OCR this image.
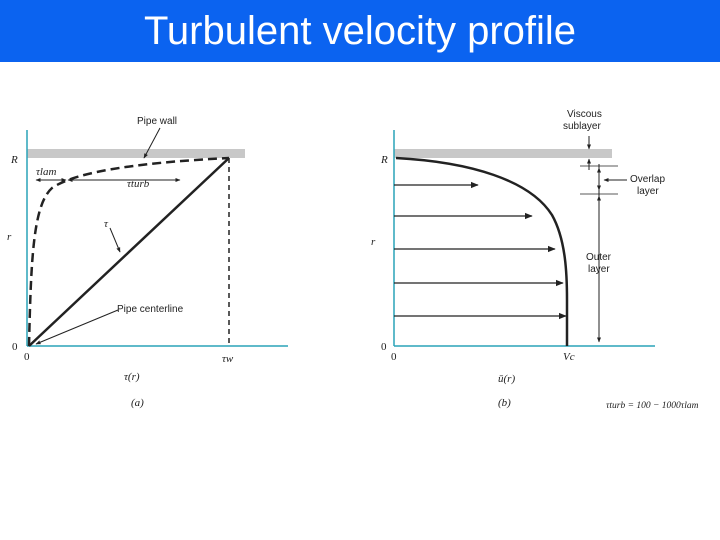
Turbulent velocity profile
Pipe wall
Pipe centerline
R
r
0
0
τlam
τturb
τ
τw
τ(r)
(a)
Viscous
sublayer
Overlap
layer
Outer
layer
R
r
0
0	Vc
ū(r)
(b)	τturb = 100 − 1000τlam
